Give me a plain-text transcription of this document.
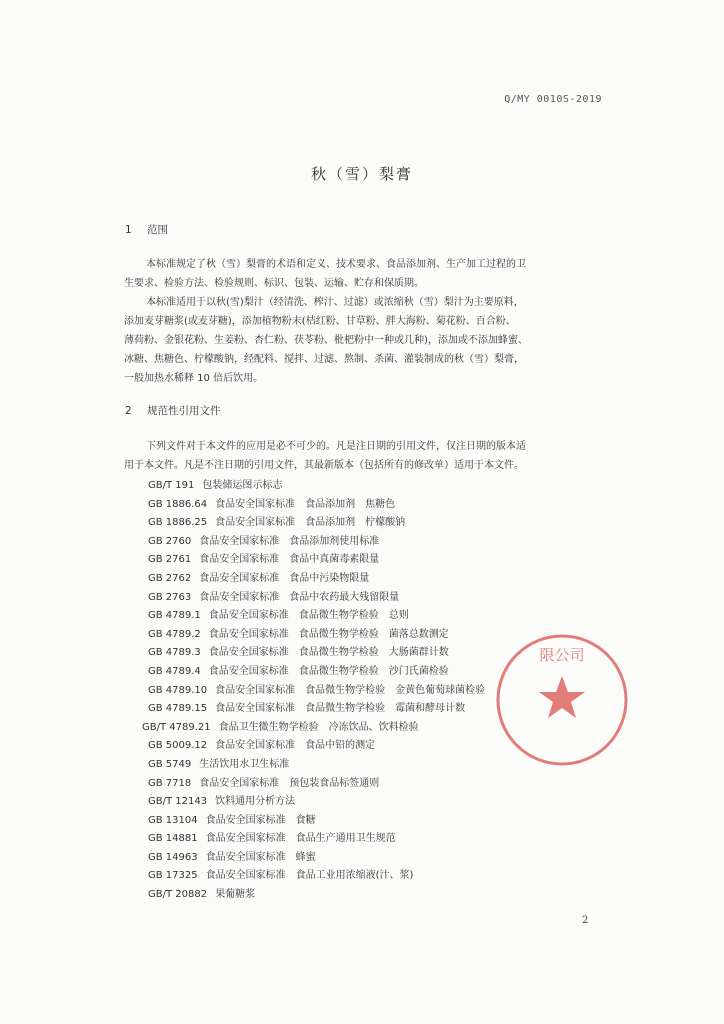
Q/MY 0010S-2019
秋（雪）梨膏
1 范围
本标准规定了秋（雪）梨膏的术语和定义、技术要求、食品添加剂、生产加工过程的卫
生要求、检验方法、检验规则、标识、包装、运输、贮存和保质期。
本标准适用于以秋(雪)梨汁（经清洗、榨汁、过滤）或浓缩秋（雪）梨汁为主要原料，
添加麦芽糖浆(或麦芽糖)，添加植物粉末(桔红粉、甘草粉、胖大海粉、菊花粉、百合粉、
薄荷粉、金银花粉、生姜粉、杏仁粉、茯苓粉、枇杷粉中一种或几种)，添加或不添加蜂蜜、
冰糖、焦糖色、柠檬酸钠，经配料、搅拌、过滤、熬制、杀菌、灌装制成的秋（雪）梨膏，
一般加热水稀释 10 倍后饮用。
2 规范性引用文件
下列文件对于本文件的应用是必不可少的。凡是注日期的引用文件，仅注日期的版本适
用于本文件。凡是不注日期的引用文件，其最新版本（包括所有的修改单）适用于本文件。
GB/T 191 包装储运图示标志
GB 1886.64 食品安全国家标准　食品添加剂　焦糖色
GB 1886.25 食品安全国家标准　食品添加剂　柠檬酸钠
GB 2760 食品安全国家标准　食品添加剂使用标准
GB 2761 食品安全国家标准　食品中真菌毒素限量
GB 2762 食品安全国家标准　食品中污染物限量
GB 2763 食品安全国家标准　食品中农药最大残留限量
GB 4789.1 食品安全国家标准　食品微生物学检验　总则
GB 4789.2 食品安全国家标准　食品微生物学检验　菌落总数测定
GB 4789.3 食品安全国家标准　食品微生物学检验　大肠菌群计数
GB 4789.4 食品安全国家标准　食品微生物学检验　沙门氏菌检验
GB 4789.10 食品安全国家标准　食品微生物学检验　金黄色葡萄球菌检验
GB 4789.15 食品安全国家标准　食品微生物学检验　霉菌和酵母计数
GB/T 4789.21 食品卫生微生物学检验　冷冻饮品、饮料检验
GB 5009.12 食品安全国家标准　食品中铅的测定
GB 5749 生活饮用水卫生标准
GB 7718 食品安全国家标准　预包装食品标签通则
GB/T 12143 饮料通用分析方法
GB 13104 食品安全国家标准　食糖
GB 14881 食品安全国家标准　食品生产通用卫生规范
GB 14963 食品安全国家标准　蜂蜜
GB 17325 食品安全国家标准　食品工业用浓缩液(汁、浆)
GB/T 20882 果葡糖浆
限公司
2
